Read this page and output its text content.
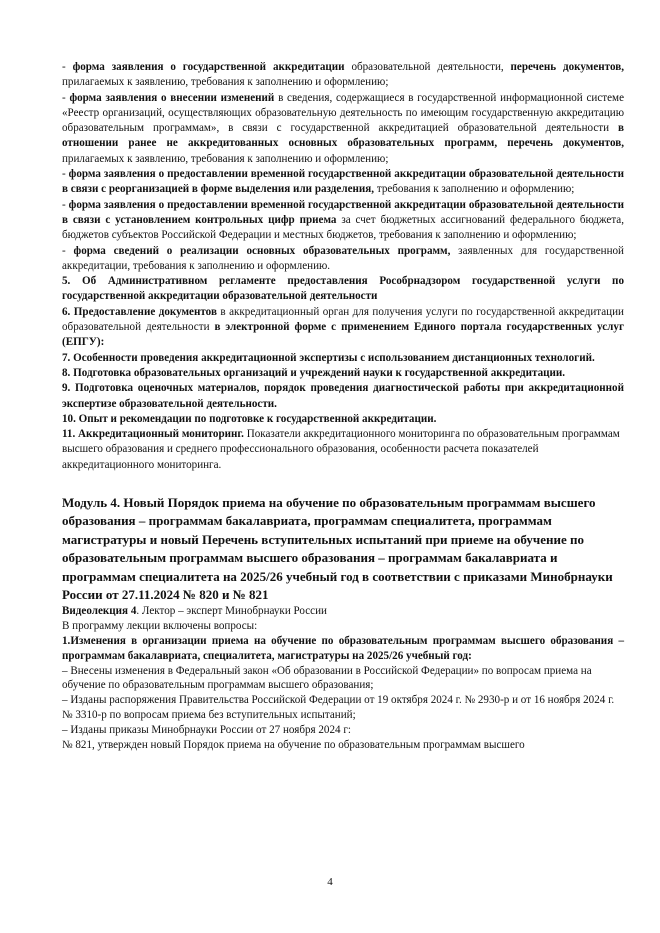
- форма заявления о государственной аккредитации образовательной деятельности, перечень документов, прилагаемых к заявлению, требования к заполнению и оформлению;

- форма заявления о внесении изменений в сведения, содержащиеся в государственной информационной системе «Реестр организаций, осуществляющих образовательную деятельность по имеющим государственную аккредитацию образовательным программам», в связи с государственной аккредитацией образовательной деятельности в отношении ранее не аккредитованных основных образовательных программ, перечень документов, прилагаемых к заявлению, требования к заполнению и оформлению;

- форма заявления о предоставлении временной государственной аккредитации образовательной деятельности в связи с реорганизацией в форме выделения или разделения, требования к заполнению и оформлению;

- форма заявления о предоставлении временной государственной аккредитации образовательной деятельности в связи с установлением контрольных цифр приема за счет бюджетных ассигнований федерального бюджета, бюджетов субъектов Российской Федерации и местных бюджетов, требования к заполнению и оформлению;

- форма сведений о реализации основных образовательных программ, заявленных для государственной аккредитации, требования к заполнению и оформлению.

5. Об Административном регламенте предоставления Рособрнадзором государственной услуги по государственной аккредитации образовательной деятельности

6. Предоставление документов в аккредитационный орган для получения услуги по государственной аккредитации образовательной деятельности в электронной форме с применением Единого портала государственных услуг (ЕПГУ):

7. Особенности проведения аккредитационной экспертизы с использованием дистанционных технологий.

8. Подготовка образовательных организаций и учреждений науки к государственной аккредитации.

9. Подготовка оценочных материалов, порядок проведения диагностической работы при аккредитационной экспертизе образовательной деятельности.

10. Опыт и рекомендации по подготовке к государственной аккредитации.

11. Аккредитационный мониторинг. Показатели аккредитационного мониторинга по образовательным программам высшего образования и среднего профессионального образования, особенности расчета показателей аккредитационного мониторинга.

Модуль 4. Новый Порядок приема на обучение по образовательным программам высшего образования – программам бакалавриата, программам специалитета, программам магистратуры и новый Перечень вступительных испытаний при приеме на обучение по образовательным программам высшего образования – программам бакалавриата и программам специалитета на 2025/26 учебный год в соответствии с приказами Минобрнауки России от 27.11.2024 № 820 и № 821

Видеолекция 4. Лектор – эксперт Минобрнауки России

В программу лекции включены вопросы:

1.Изменения в организации приема на обучение по образовательным программам высшего образования – программам бакалавриата, специалитета, магистратуры на 2025/26 учебный год:

– Внесены изменения в Федеральный закон «Об образовании в Российской Федерации» по вопросам приема на обучение по образовательным программам высшего образования;

– Изданы распоряжения Правительства Российской Федерации от 19 октября 2024 г. № 2930-р и от 16 ноября 2024 г. № 3310-р по вопросам приема без вступительных испытаний;

– Изданы приказы Минобрнауки России от 27 ноября 2024 г:

№ 821, утвержден новый Порядок приема на обучение по образовательным программам высшего

4
